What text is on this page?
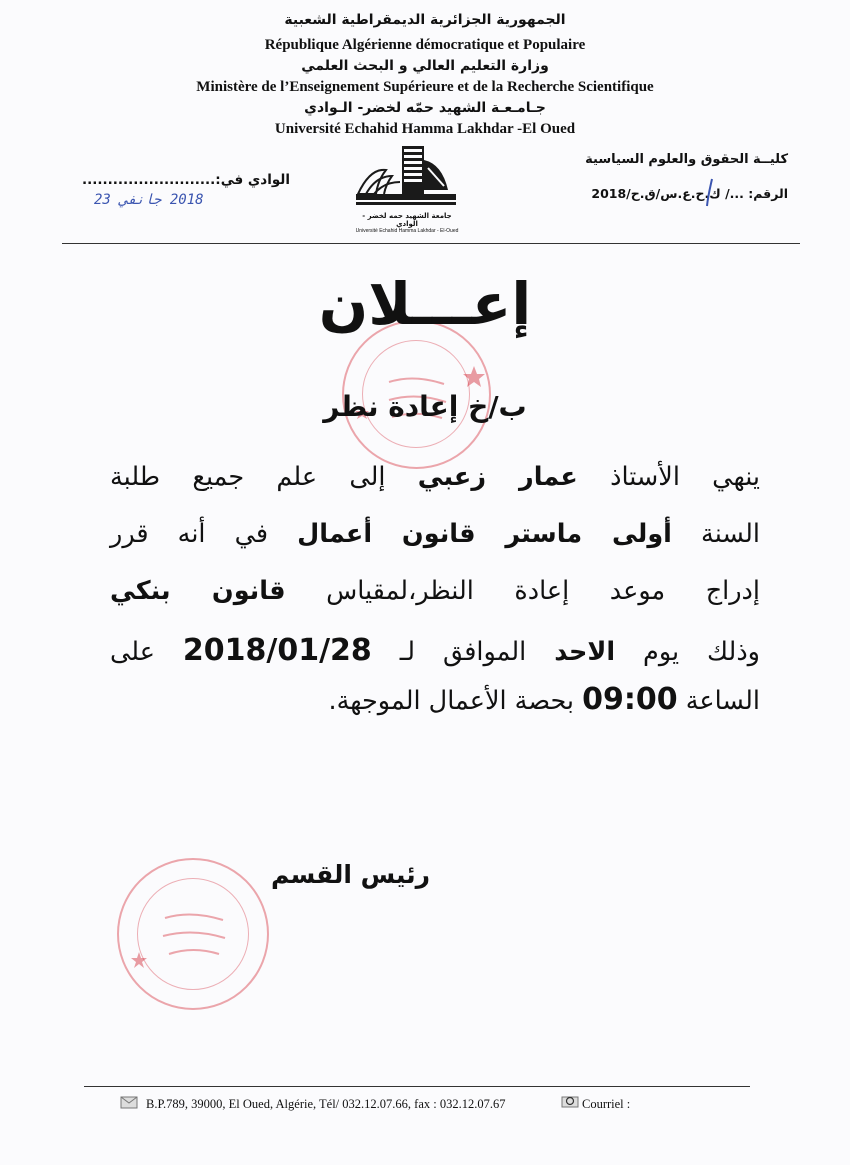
الجمهورية الجزائرية الديمقراطية الشعبية
République Algérienne démocratique et Populaire
وزارة التعليم العالي و البحث العلمي
Ministère de l’Enseignement Supérieure et de la Recherche Scientifique
جـامـعـة الشهيد حمّه لخضر- الـوادي
Université Echahid Hamma Lakhdar -El Oued
كليــة الحقوق والعلوم السياسية
الرقم: .../ ك.ح.ع.س/ق.ح/2018
الوادي في:..........................
2018 جانفي 23
جامعة الشهيد حمه لخضر - الوادي
Université Echahid Hamma Lakhdar - El-Oued
إعـــلان
ب/خ إعادة نظر
ينهي الأستاذ عمار زعبي إلى علم جميع طلبة
السنة أولى ماستر قانون أعمال في أنه قرر
إدراج موعد إعادة النظر،لمقياس قانون بنكي
وذلك يوم الاحد الموافق لـ 2018/01/28 على
الساعة 09:00 بحصة الأعمال الموجهة.
رئيس القسم
B.P.789, 39000, El Oued, Algérie, Tél/ 032.12.07.66, fax : 032.12.07.67	Courriel :
